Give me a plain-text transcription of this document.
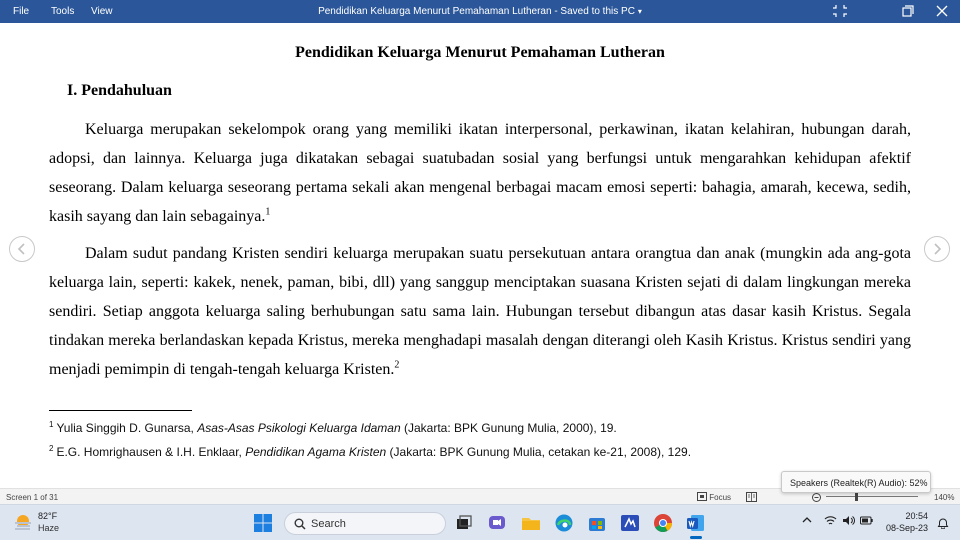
File Tools View	Pendidikan Keluarga Menurut Pemahaman Lutheran - Saved to this PC ▾
Pendidikan Keluarga Menurut Pemahaman Lutheran
I. Pendahuluan
Keluarga merupakan sekelompok orang yang memiliki ikatan interpersonal, perkawinan, ikatan kelahiran, hubungan darah, adopsi, dan lainnya. Keluarga juga dikatakan sebagai suatubadan sosial yang berfungsi untuk mengarahkan kehidupan afektif seseorang. Dalam keluarga seseorang pertama sekali akan mengenal berbagai macam emosi seperti: bahagia, amarah, kecewa, sedih, kasih sayang dan lain sebagainya.$^1$
Dalam sudut pandang Kristen sendiri keluarga merupakan suatu persekutuan antara orangtua dan anak (mungkin ada ang-gota keluarga lain, seperti: kakek, nenek, paman, bibi, dll) yang sanggup menciptakan suasana Kristen sejati di dalam lingkungan mereka sendiri. Setiap anggota keluarga saling berhubungan satu sama lain. Hubungan tersebut dibangun atas dasar kasih Kristus. Segala tindakan mereka berlandaskan kepada Kristus, mereka menghadapi masalah dengan diterangi oleh Kasih Kristus. Kristus sendiri yang menjadi pemimpin di tengah-tengah keluarga Kristen.$^2$
$^1$ Yulia Singgih D. Gunarsa, Asas-Asas Psikologi Keluarga Idaman (Jakarta: BPK Gunung Mulia, 2000), 19.
$^2$ E.G. Homrighausen & I.H. Enklaar, Pendidikan Agama Kristen (Jakarta: BPK Gunung Mulia, cetakan ke-21, 2008), 129.
Screen 1 of 31	Focus	140%
Speakers (Realtek(R) Audio): 52%
82°F
Haze	Search
20:54
08-Sep-23
